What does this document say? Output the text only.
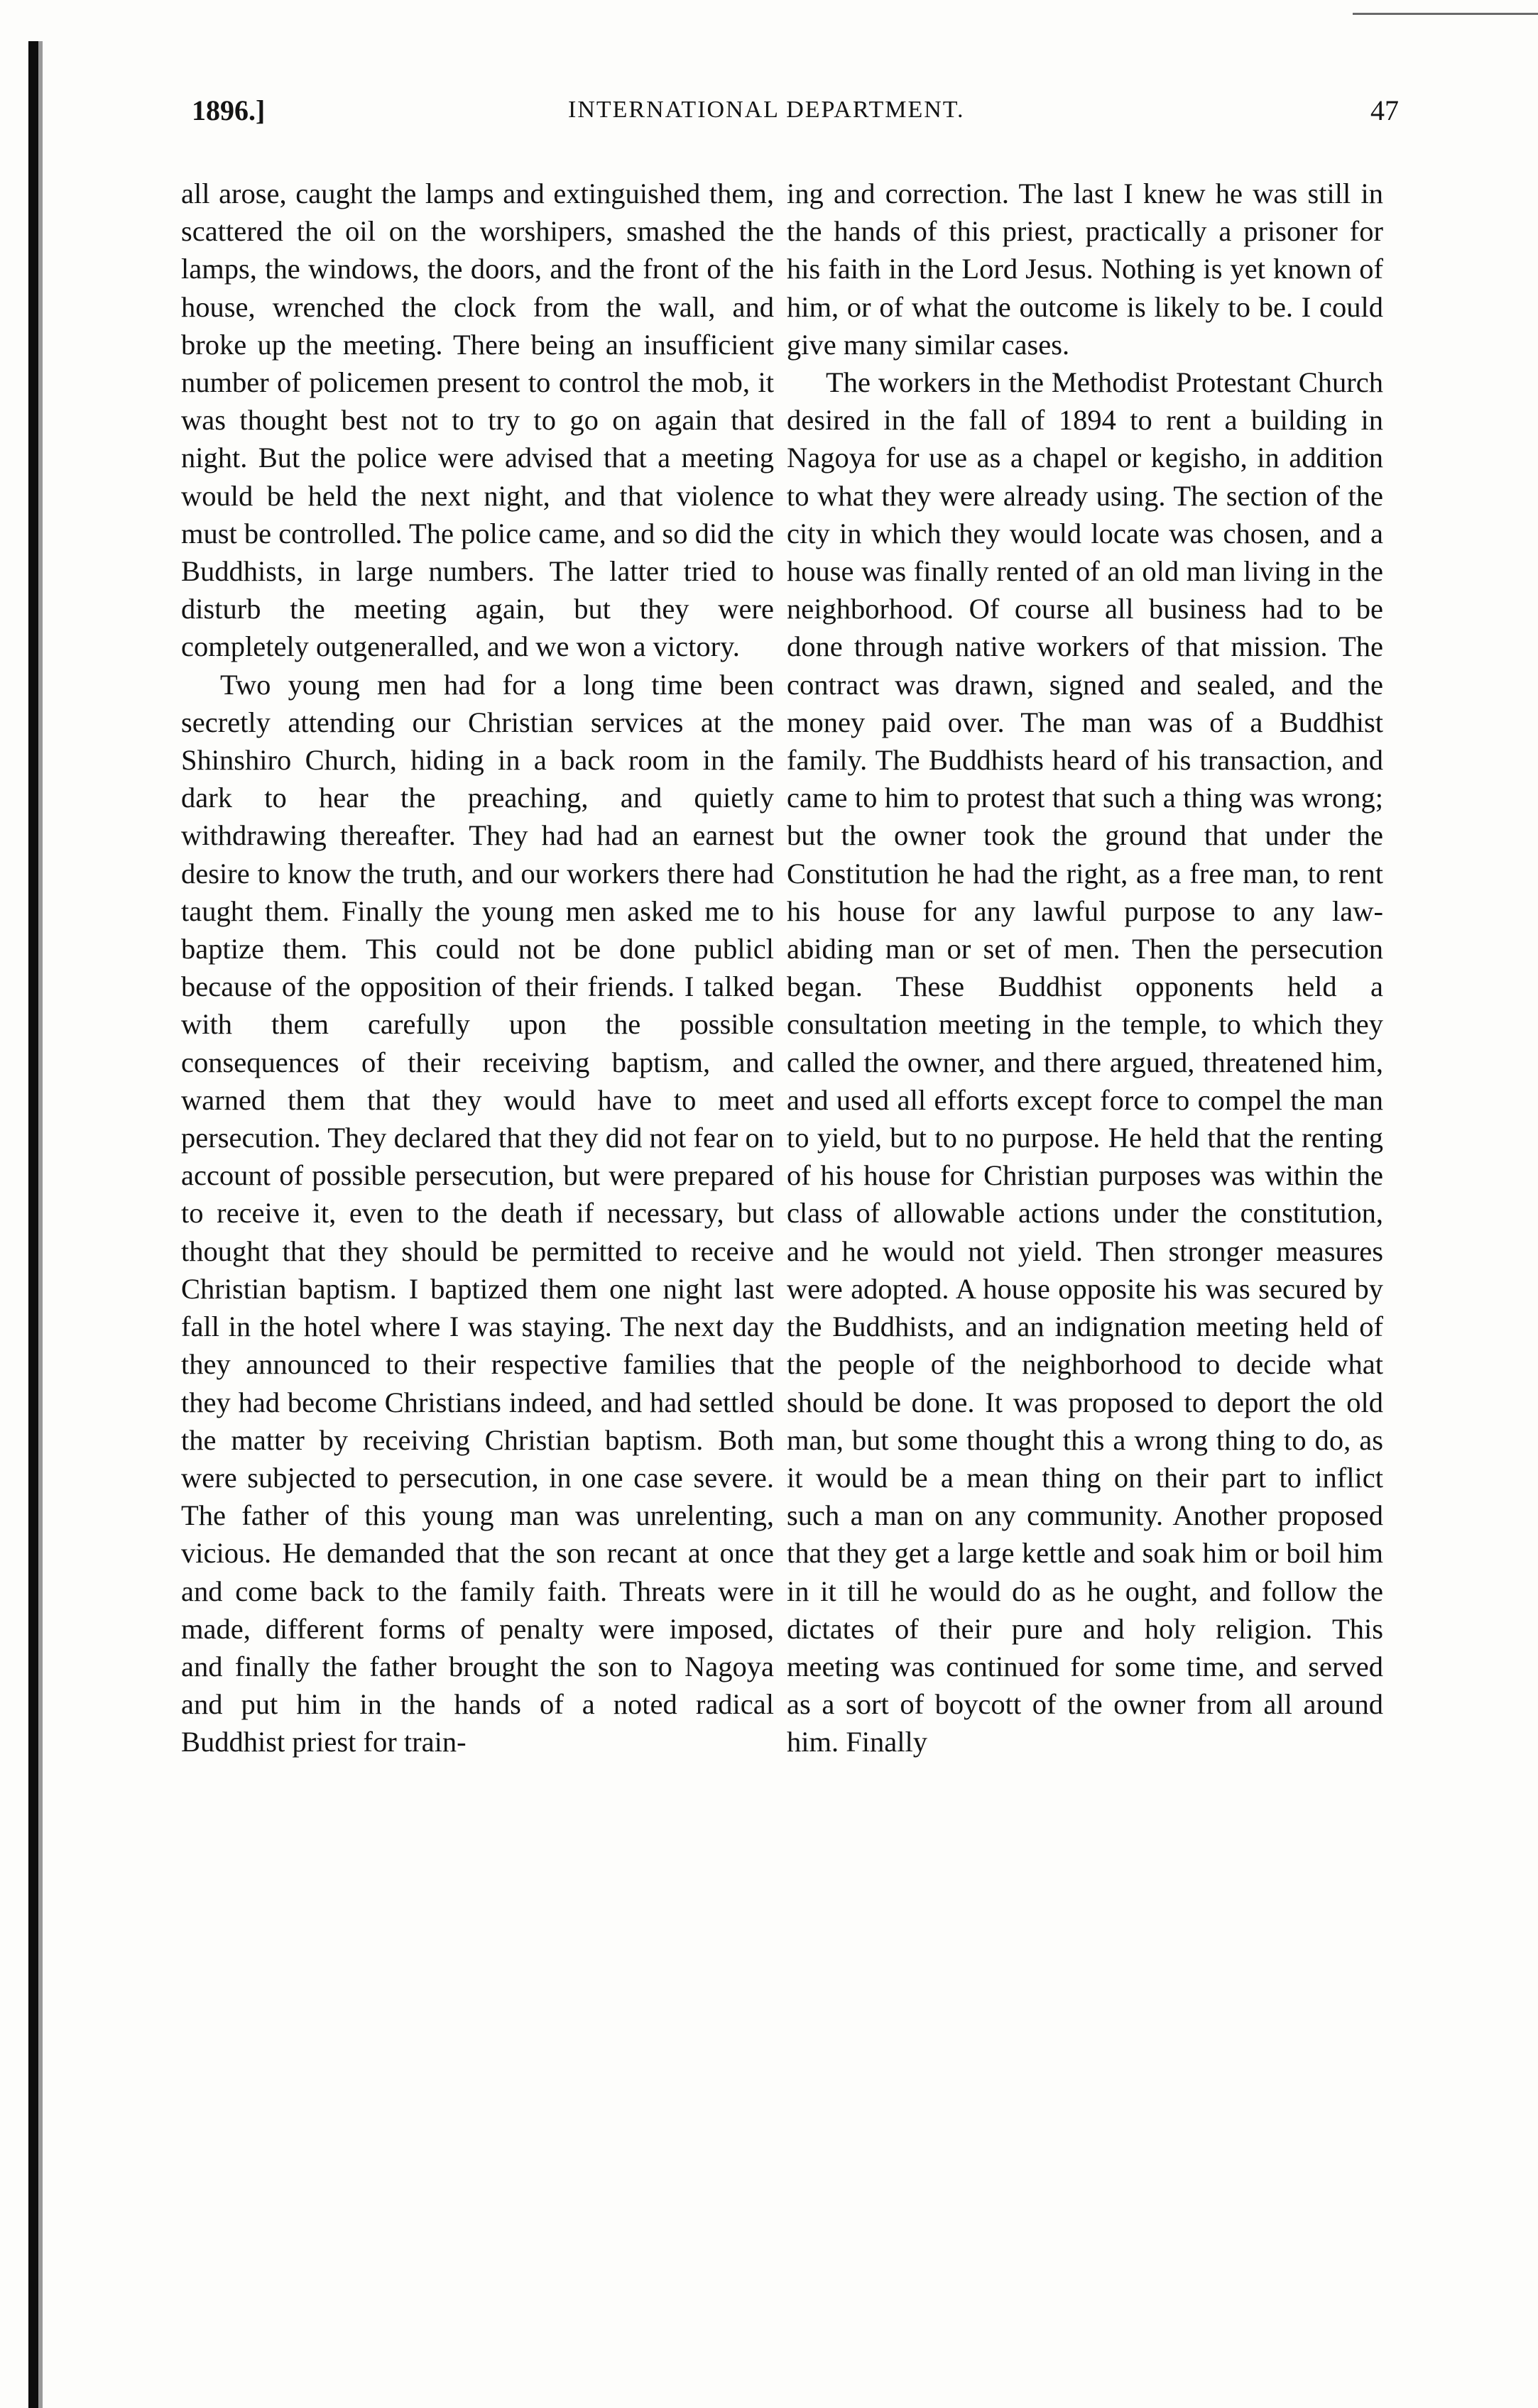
1896.]	INTERNATIONAL DEPARTMENT.	47

all arose, caught the lamps and extinguished them, scattered the oil on the worshipers, smashed the lamps, the windows, the doors, and the front of the house, wrenched the clock from the wall, and broke up the meeting. There being an insufficient number of policemen present to control the mob, it was thought best not to try to go on again that night. But the police were advised that a meeting would be held the next night, and that violence must be controlled. The police came, and so did the Buddhists, in large numbers. The latter tried to disturb the meeting again, but they were completely outgeneralled, and we won a victory.

Two young men had for a long time been secretly attending our Christian services at the Shinshiro Church, hiding in a back room in the dark to hear the preaching, and quietly withdrawing thereafter. They had had an earnest desire to know the truth, and our workers there had taught them. Finally the young men asked me to baptize them. This could not be done publicl because of the opposition of their friends. I talked with them carefully upon the possible consequences of their receiving baptism, and warned them that they would have to meet persecution. They declared that they did not fear on account of possible persecution, but were prepared to receive it, even to the death if necessary, but thought that they should be permitted to receive Christian baptism. I baptized them one night last fall in the hotel where I was staying. The next day they announced to their respective families that they had become Christians indeed, and had settled the matter by receiving Christian baptism. Both were subjected to persecution, in one case severe. The father of this young man was unrelenting, vicious. He demanded that the son recant at once and come back to the family faith. Threats were made, different forms of penalty were imposed, and finally the father brought the son to Nagoya and put him in the hands of a noted radical Buddhist priest for train-

ing and correction. The last I knew he was still in the hands of this priest, practically a prisoner for his faith in the Lord Jesus. Nothing is yet known of him, or of what the outcome is likely to be. I could give many similar cases.

The workers in the Methodist Protestant Church desired in the fall of 1894 to rent a building in Nagoya for use as a chapel or kegisho, in addition to what they were already using. The section of the city in which they would locate was chosen, and a house was finally rented of an old man living in the neighborhood. Of course all business had to be done through native workers of that mission. The contract was drawn, signed and sealed, and the money paid over. The man was of a Buddhist family. The Buddhists heard of his transaction, and came to him to protest that such a thing was wrong; but the owner took the ground that under the Constitution he had the right, as a free man, to rent his house for any lawful purpose to any law-abiding man or set of men. Then the persecution began. These Buddhist opponents held a consultation meeting in the temple, to which they called the owner, and there argued, threatened him, and used all efforts except force to compel the man to yield, but to no purpose. He held that the renting of his house for Christian purposes was within the class of allowable actions under the constitution, and he would not yield. Then stronger measures were adopted. A house opposite his was secured by the Buddhists, and an indignation meeting held of the people of the neighborhood to decide what should be done. It was proposed to deport the old man, but some thought this a wrong thing to do, as it would be a mean thing on their part to inflict such a man on any community. Another proposed that they get a large kettle and soak him or boil him in it till he would do as he ought, and follow the dictates of their pure and holy religion. This meeting was continued for some time, and served as a sort of boycott of the owner from all around him. Finally
